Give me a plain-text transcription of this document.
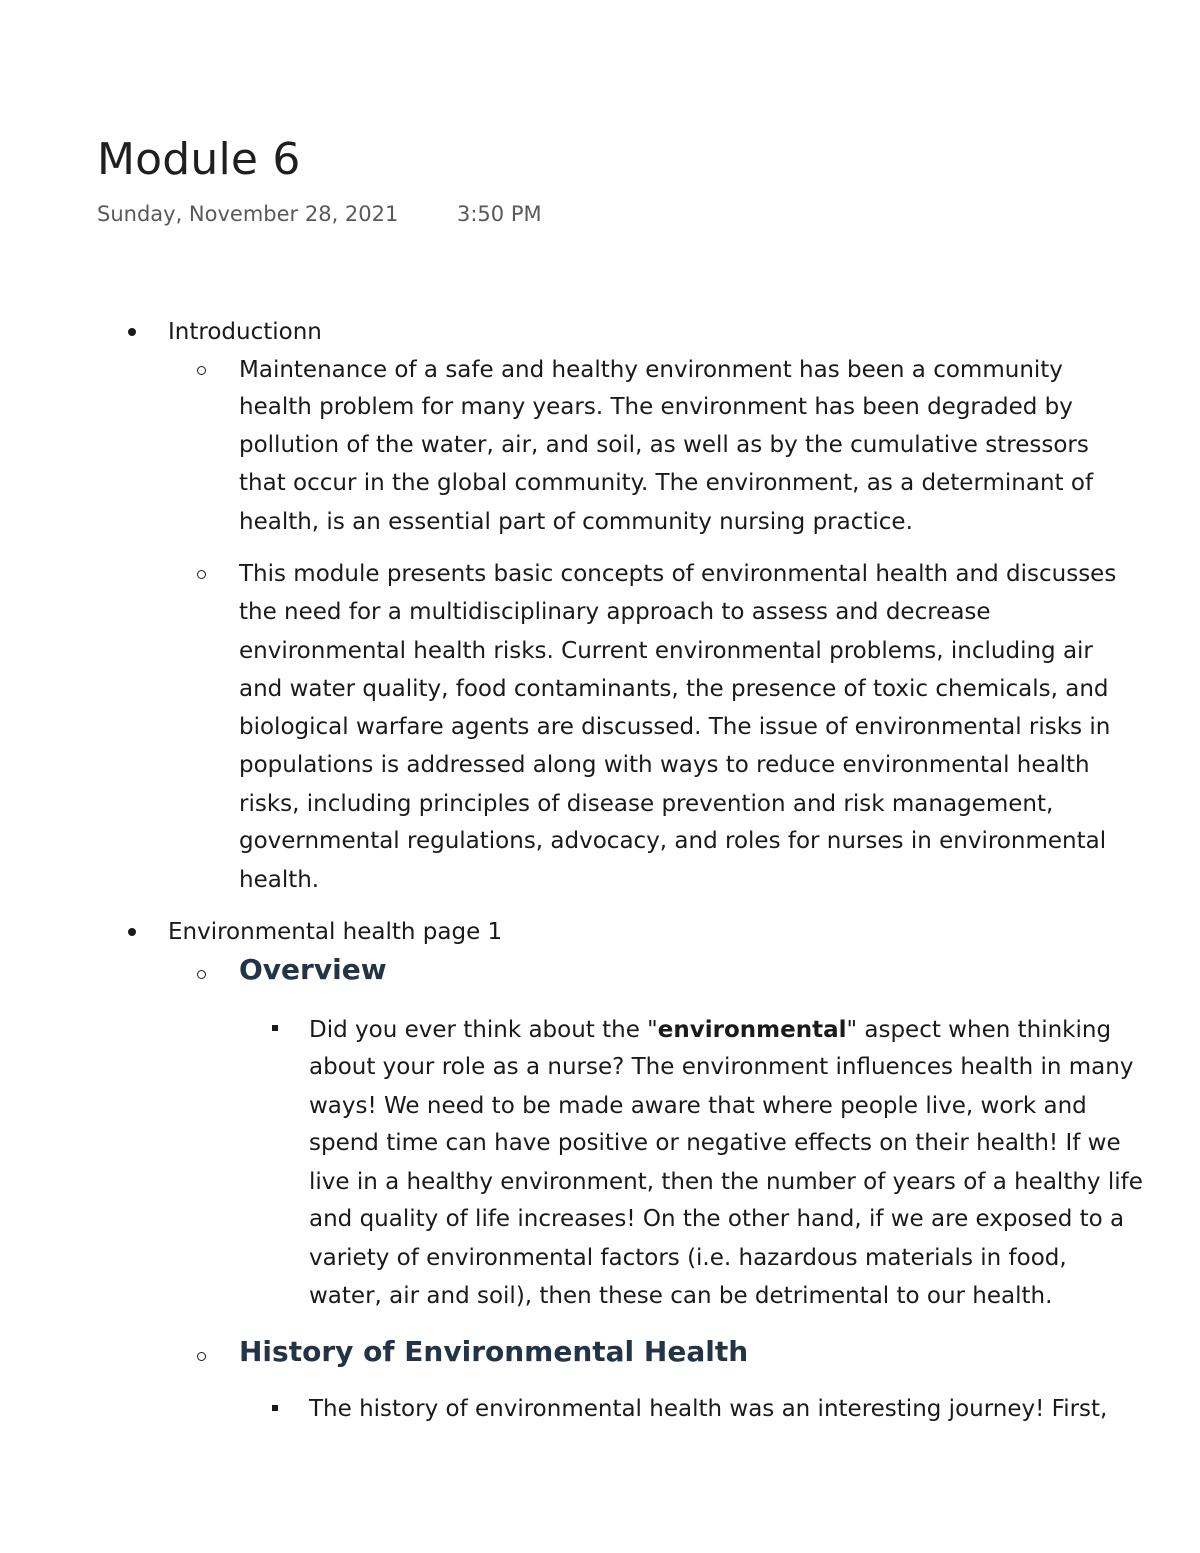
Module 6
Sunday, November 28, 2021	3:50 PM
Introductionn
Maintenance of a safe and healthy environment has been a community
health problem for many years. The environment has been degraded by
pollution of the water, air, and soil, as well as by the cumulative stressors
that occur in the global community. The environment, as a determinant of
health, is an essential part of community nursing practice.
This module presents basic concepts of environmental health and discusses
the need for a multidisciplinary approach to assess and decrease
environmental health risks. Current environmental problems, including air
and water quality, food contaminants, the presence of toxic chemicals, and
biological warfare agents are discussed. The issue of environmental risks in
populations is addressed along with ways to reduce environmental health
risks, including principles of disease prevention and risk management,
governmental regulations, advocacy, and roles for nurses in environmental
health.
Environmental health page 1
Overview
Did you ever think about the "environmental" aspect when thinking
about your role as a nurse? The environment influences health in many
ways! We need to be made aware that where people live, work and
spend time can have positive or negative effects on their health! If we
live in a healthy environment, then the number of years of a healthy life
and quality of life increases! On the other hand, if we are exposed to a
variety of environmental factors (i.e. hazardous materials in food,
water, air and soil), then these can be detrimental to our health.
History of Environmental Health
The history of environmental health was an interesting journey! First,
